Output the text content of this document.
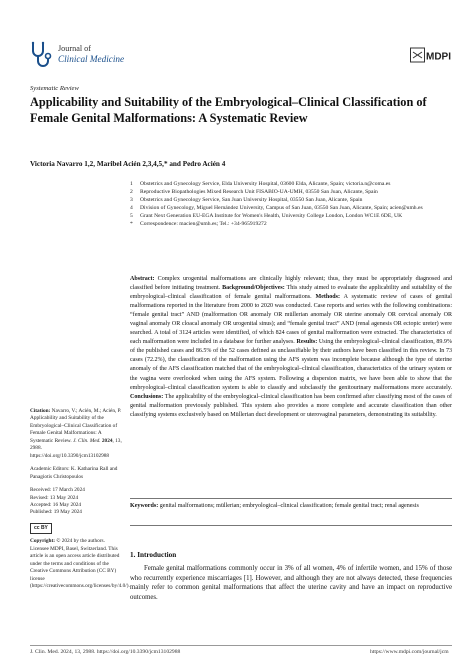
Journal of
Clinical Medicine	MDPI
Systematic Review
Applicability and Suitability of the Embryological–Clinical Classification of Female Genital Malformations: A Systematic Review
Victoria Navarro 1,2, Maribel Acién 2,3,4,5,* and Pedro Acién 4
1	Obstetrics and Gynecology Service, Elda University Hospital, 03600 Elda, Alicante, Spain; victoria.n@coma.es
2	Reproductive Biopathologies Mixed Research Unit FISABIO-UA-UMH, 03550 San Juan, Alicante, Spain
3	Obstetrics and Gynecology Service, San Juan University Hospital, 03550 San Juan, Alicante, Spain
4	Division of Gynecology, Miguel Hernández University, Campus of San Juan, 03550 San Juan, Alicante, Spain; acien@umh.es
5	Grant Next Generation EU-EGA Institute for Women's Health, University College London, London WC1E 6DE, UK
*	Correspondence: macien@umh.es; Tel.: +34-965919272
Abstract: Complex urogenital malformations are clinically highly relevant; thus, they must be appropriately diagnosed and classified before initiating treatment. Background/Objectives: This study aimed to evaluate the applicability and suitability of the embryological–clinical classification of female genital malformations. Methods: A systematic review of cases of genital malformations reported in the literature from 2000 to 2020 was conducted. Case reports and series with the following combinations: “female genital tract” AND (malformation OR anomaly OR müllerian anomaly OR uterine anomaly OR cervical anomaly OR vaginal anomaly OR cloacal anomaly OR urogenital sinus); and “female genital tract” AND (renal agenesis OR ectopic ureter) were searched. A total of 3124 articles were identified, of which 824 cases of genital malformation were extracted. The characteristics of each malformation were included in a database for further analyses. Results: Using the embryological–clinical classification, 89.9% of the published cases and 86.5% of the 52 cases defined as unclassifiable by their authors have been classified in this review. In 73 cases (72.2%), the classification of the malformation using the AFS system was incomplete because although the type of uterine anomaly of the AFS classification matched that of the embryological–clinical classification, characteristics of the urinary system or the vagina were overlooked when using the AFS system. Following a dispersion matrix, we have been able to show that the embryological–clinical classification system is able to classify and subclassify the genitourinary malformations more accurately. Conclusions: The applicability of the embryological–clinical classification has been confirmed after classifying most of the cases of genital malformation previously published. This system also provides a more complete and accurate classification than other classifying systems exclusively based on Müllerian duct development or uterovaginal parameters, demonstrating its suitability.
Keywords: genital malformations; müllerian; embryological–clinical classification; female genital tract; renal agenesis

Citation: Navarro, V.; Acién, M.; Acién, P. Applicability and Suitability of the Embryological–Clinical Classification of Female Genital Malformations: A Systematic Review. J. Clin. Med. 2024, 13, 2988. https://doi.org/10.3390/jcm13102988

Academic Editors: K. Katharina Rall and Panagiotis Christopoulos

Received: 17 March 2024
Revised: 13 May 2024
Accepted: 16 May 2024
Published: 19 May 2024

cc BY

Copyright: © 2024 by the authors. Licensee MDPI, Basel, Switzerland. This article is an open access article distributed under the terms and conditions of the Creative Commons Attribution (CC BY) license (https://creativecommons.org/licenses/by/4.0/).

1. Introduction
Female genital malformations commonly occur in 3% of all women, 4% of infertile women, and 15% of those who recurrently experience miscarriages [1]. However, and although they are not always detected, these frequencies mainly refer to common genital malformations that affect the uterine cavity and have an impact on reproductive outcomes.
J. Clin. Med. 2024, 13, 2988. https://doi.org/10.3390/jcm13102988	https://www.mdpi.com/journal/jcm
